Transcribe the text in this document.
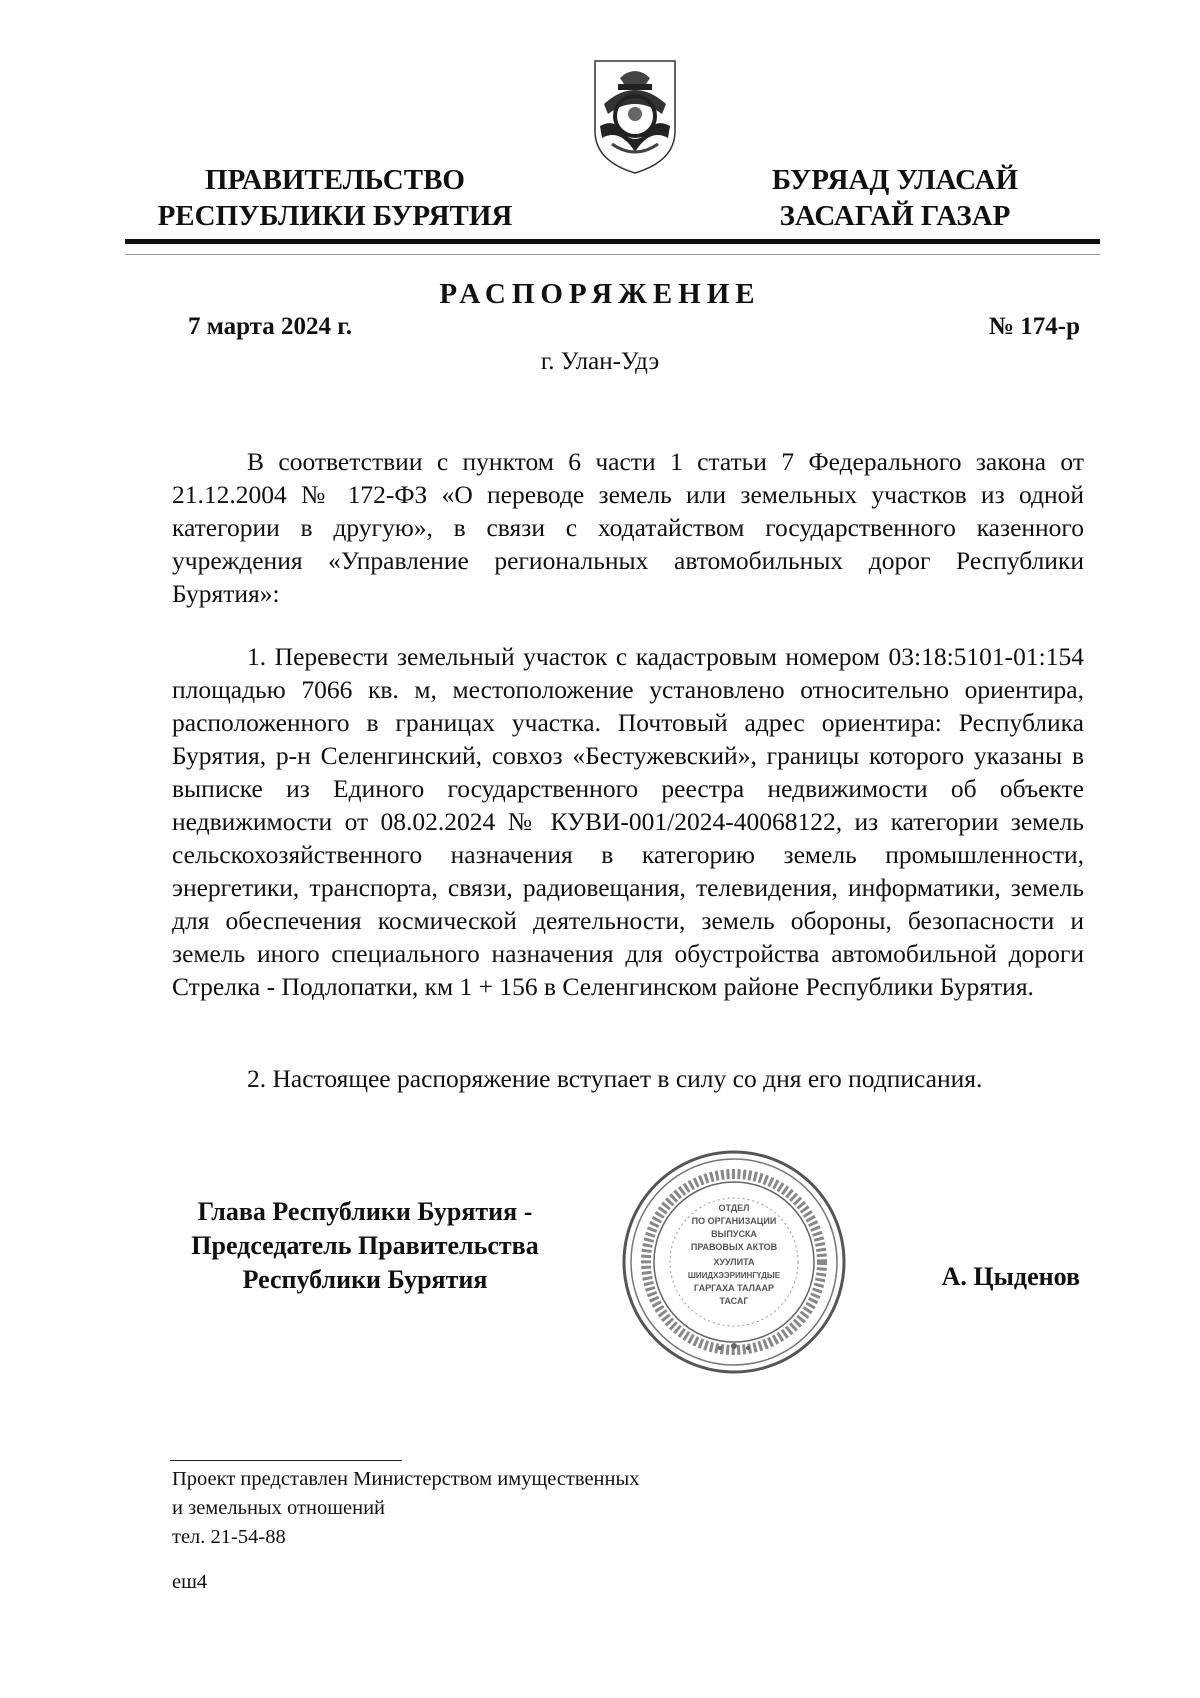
ПРАВИТЕЛЬСТВО
РЕСПУБЛИКИ БУРЯТИЯ
БУРЯАД УЛАСАЙ
ЗАСАГАЙ ГАЗАР
РАСПОРЯЖЕНИЕ
7 марта 2024 г.	№ 174-р
г. Улан-Удэ
В соответствии с пунктом 6 части 1 статьи 7 Федерального закона от 21.12.2004 № 172-ФЗ «О переводе земель или земельных участков из одной категории в другую», в связи с ходатайством государственного казенного учреждения «Управление региональных автомобильных дорог Республики Бурятия»:
1. Перевести земельный участок с кадастровым номером 03:18:5101-01:154 площадью 7066 кв. м, местоположение установлено относительно ориентира, расположенного в границах участка. Почтовый адрес ориентира: Республика Бурятия, р-н Селенгинский, совхоз «Бестужевский», границы которого указаны в выписке из Единого государственного реестра недвижимости об объекте недвижимости от 08.02.2024 № КУВИ-001/2024-40068122, из категории земель сельскохозяйственного назначения в категорию земель промышленности, энергетики, транспорта, связи, радиовещания, телевидения, информатики, земель для обеспечения космической деятельности, земель обороны, безопасности и земель иного специального назначения для обустройства автомобильной дороги Стрелка - Подлопатки, км 1 + 156 в Селенгинском районе Республики Бурятия.
2. Настоящее распоряжение вступает в силу со дня его подписания.
Глава Республики Бурятия -
Председатель Правительства
Республики Бурятия	А. Цыденов
ОТДЕЛ
ПО ОРГАНИЗАЦИИ
ВЫПУСКА
ПРАВОВЫХ АКТОВ
ХУУЛИТА
ШИИДХЭЭРИИНГҮДЫЕ
ГАРГАХА ТАЛААР
ТАСАГ
Проект представлен Министерством имущественных
и земельных отношений
тел. 21-54-88
еш4
